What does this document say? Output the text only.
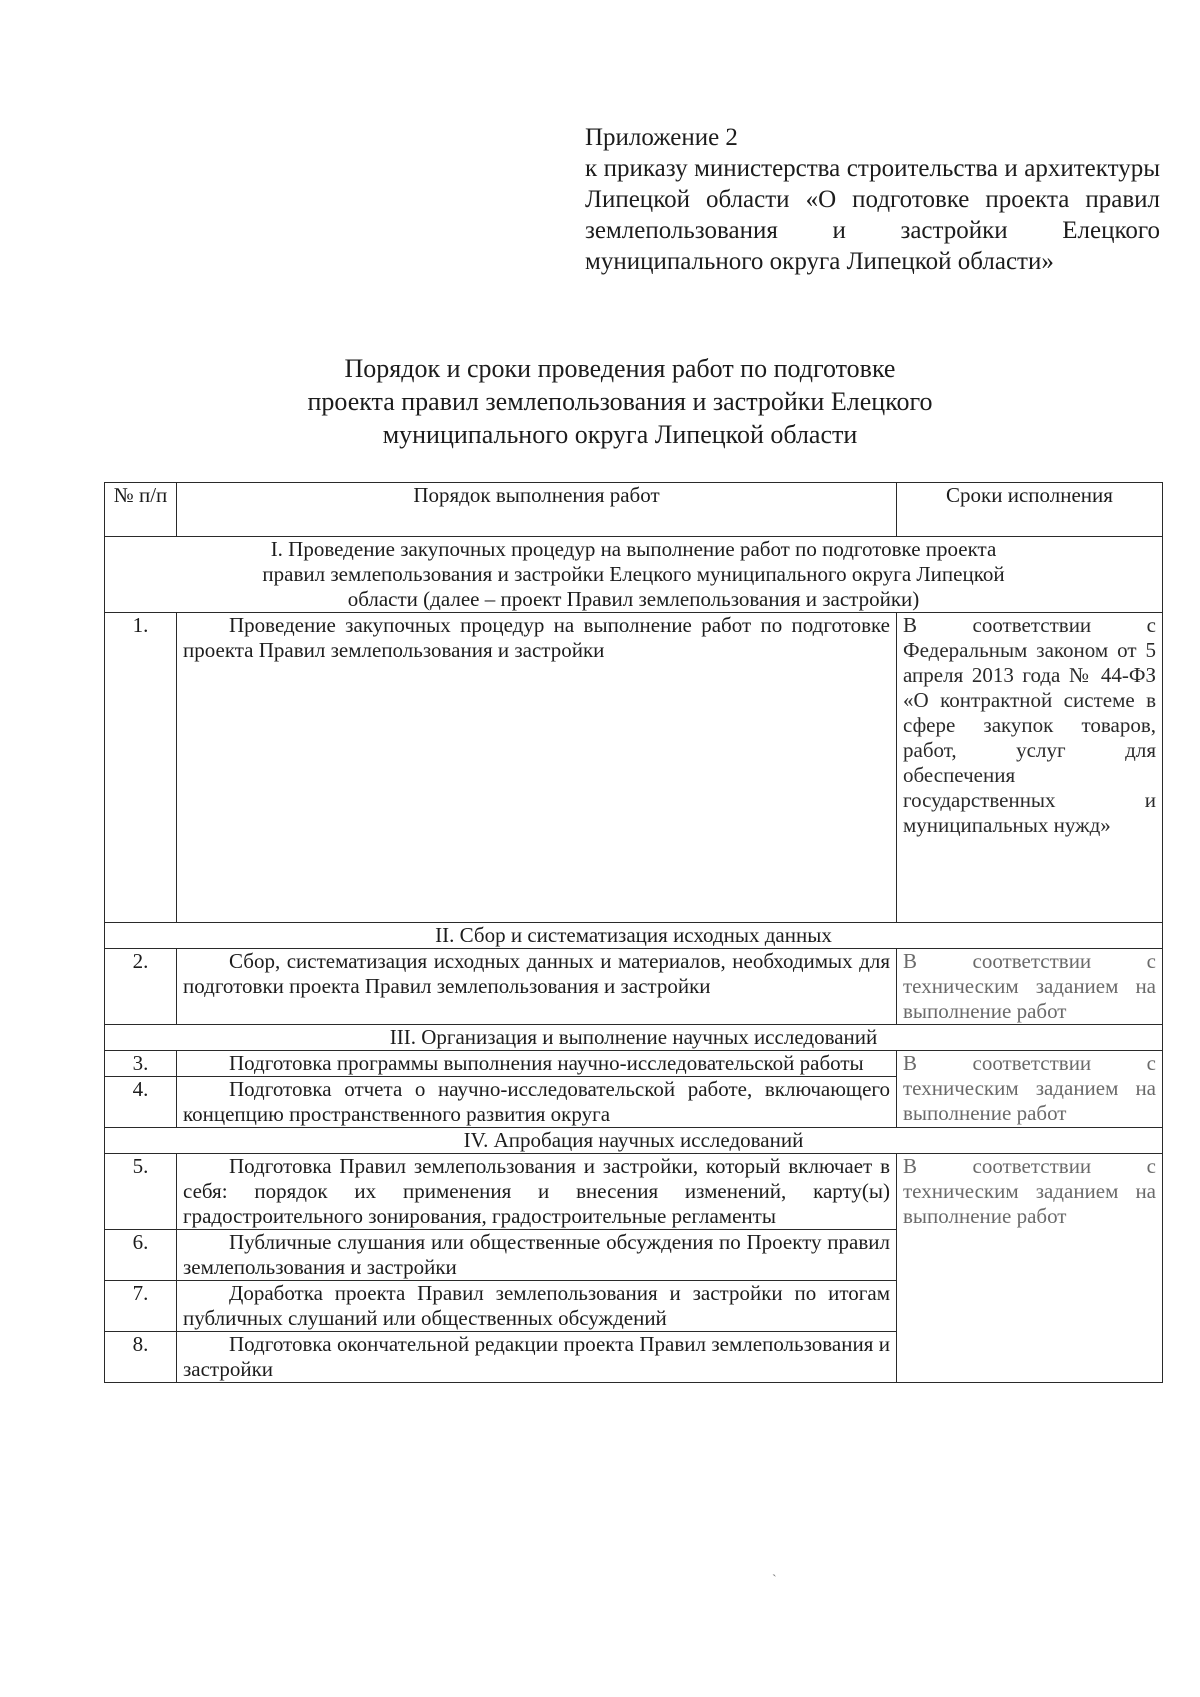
Приложение 2
к приказу министерства строительства и архитектуры Липецкой области «О подготовке проекта правил землепользования и застройки Елецкого муниципального округа Липецкой области»
Порядок и сроки проведения работ по подготовке
проекта правил землепользования и застройки Елецкого
муниципального округа Липецкой области
№ п/п	Порядок выполнения работ	Сроки исполнения
I. Проведение закупочных процедур на выполнение работ по подготовке проекта правил землепользования и застройки Елецкого муниципального округа Липецкой области (далее – проект Правил землепользования и застройки)		
1.	Проведение закупочных процедур на выполнение работ по подготовке проекта Правил землепользования и застройки	В соответствии с Федеральным законом от 5 апреля 2013 года № 44-ФЗ «О контрактной системе в сфере закупок товаров, работ, услуг для обеспечения государственных и муниципальных нужд»
II. Сбор и систематизация исходных данных		
2.	Сбор, систематизация исходных данных и материалов, необходимых для подготовки проекта Правил землепользования и застройки	В соответствии с техническим заданием на выполнение работ
III. Организация и выполнение научных исследований		
3.	Подготовка программы выполнения научно-исследовательской работы	В соответствии с техническим заданием на выполнение работ
4.	Подготовка отчета о научно-исследовательской работе, включающего концепцию пространственного развития округа	
IV. Апробация научных исследований		
5.	Подготовка Правил землепользования и застройки, который включает в себя: порядок их применения и внесения изменений, карту(ы) градостроительного зонирования, градостроительные регламенты	В соответствии с техническим заданием на выполнение работ
6.	Публичные слушания или общественные обсуждения по Проекту правил землепользования и застройки	
7.	Доработка проекта Правил землепользования и застройки по итогам публичных слушаний или общественных обсуждений	
8.	Подготовка окончательной редакции проекта Правил землепользования и застройки	
ˋ
